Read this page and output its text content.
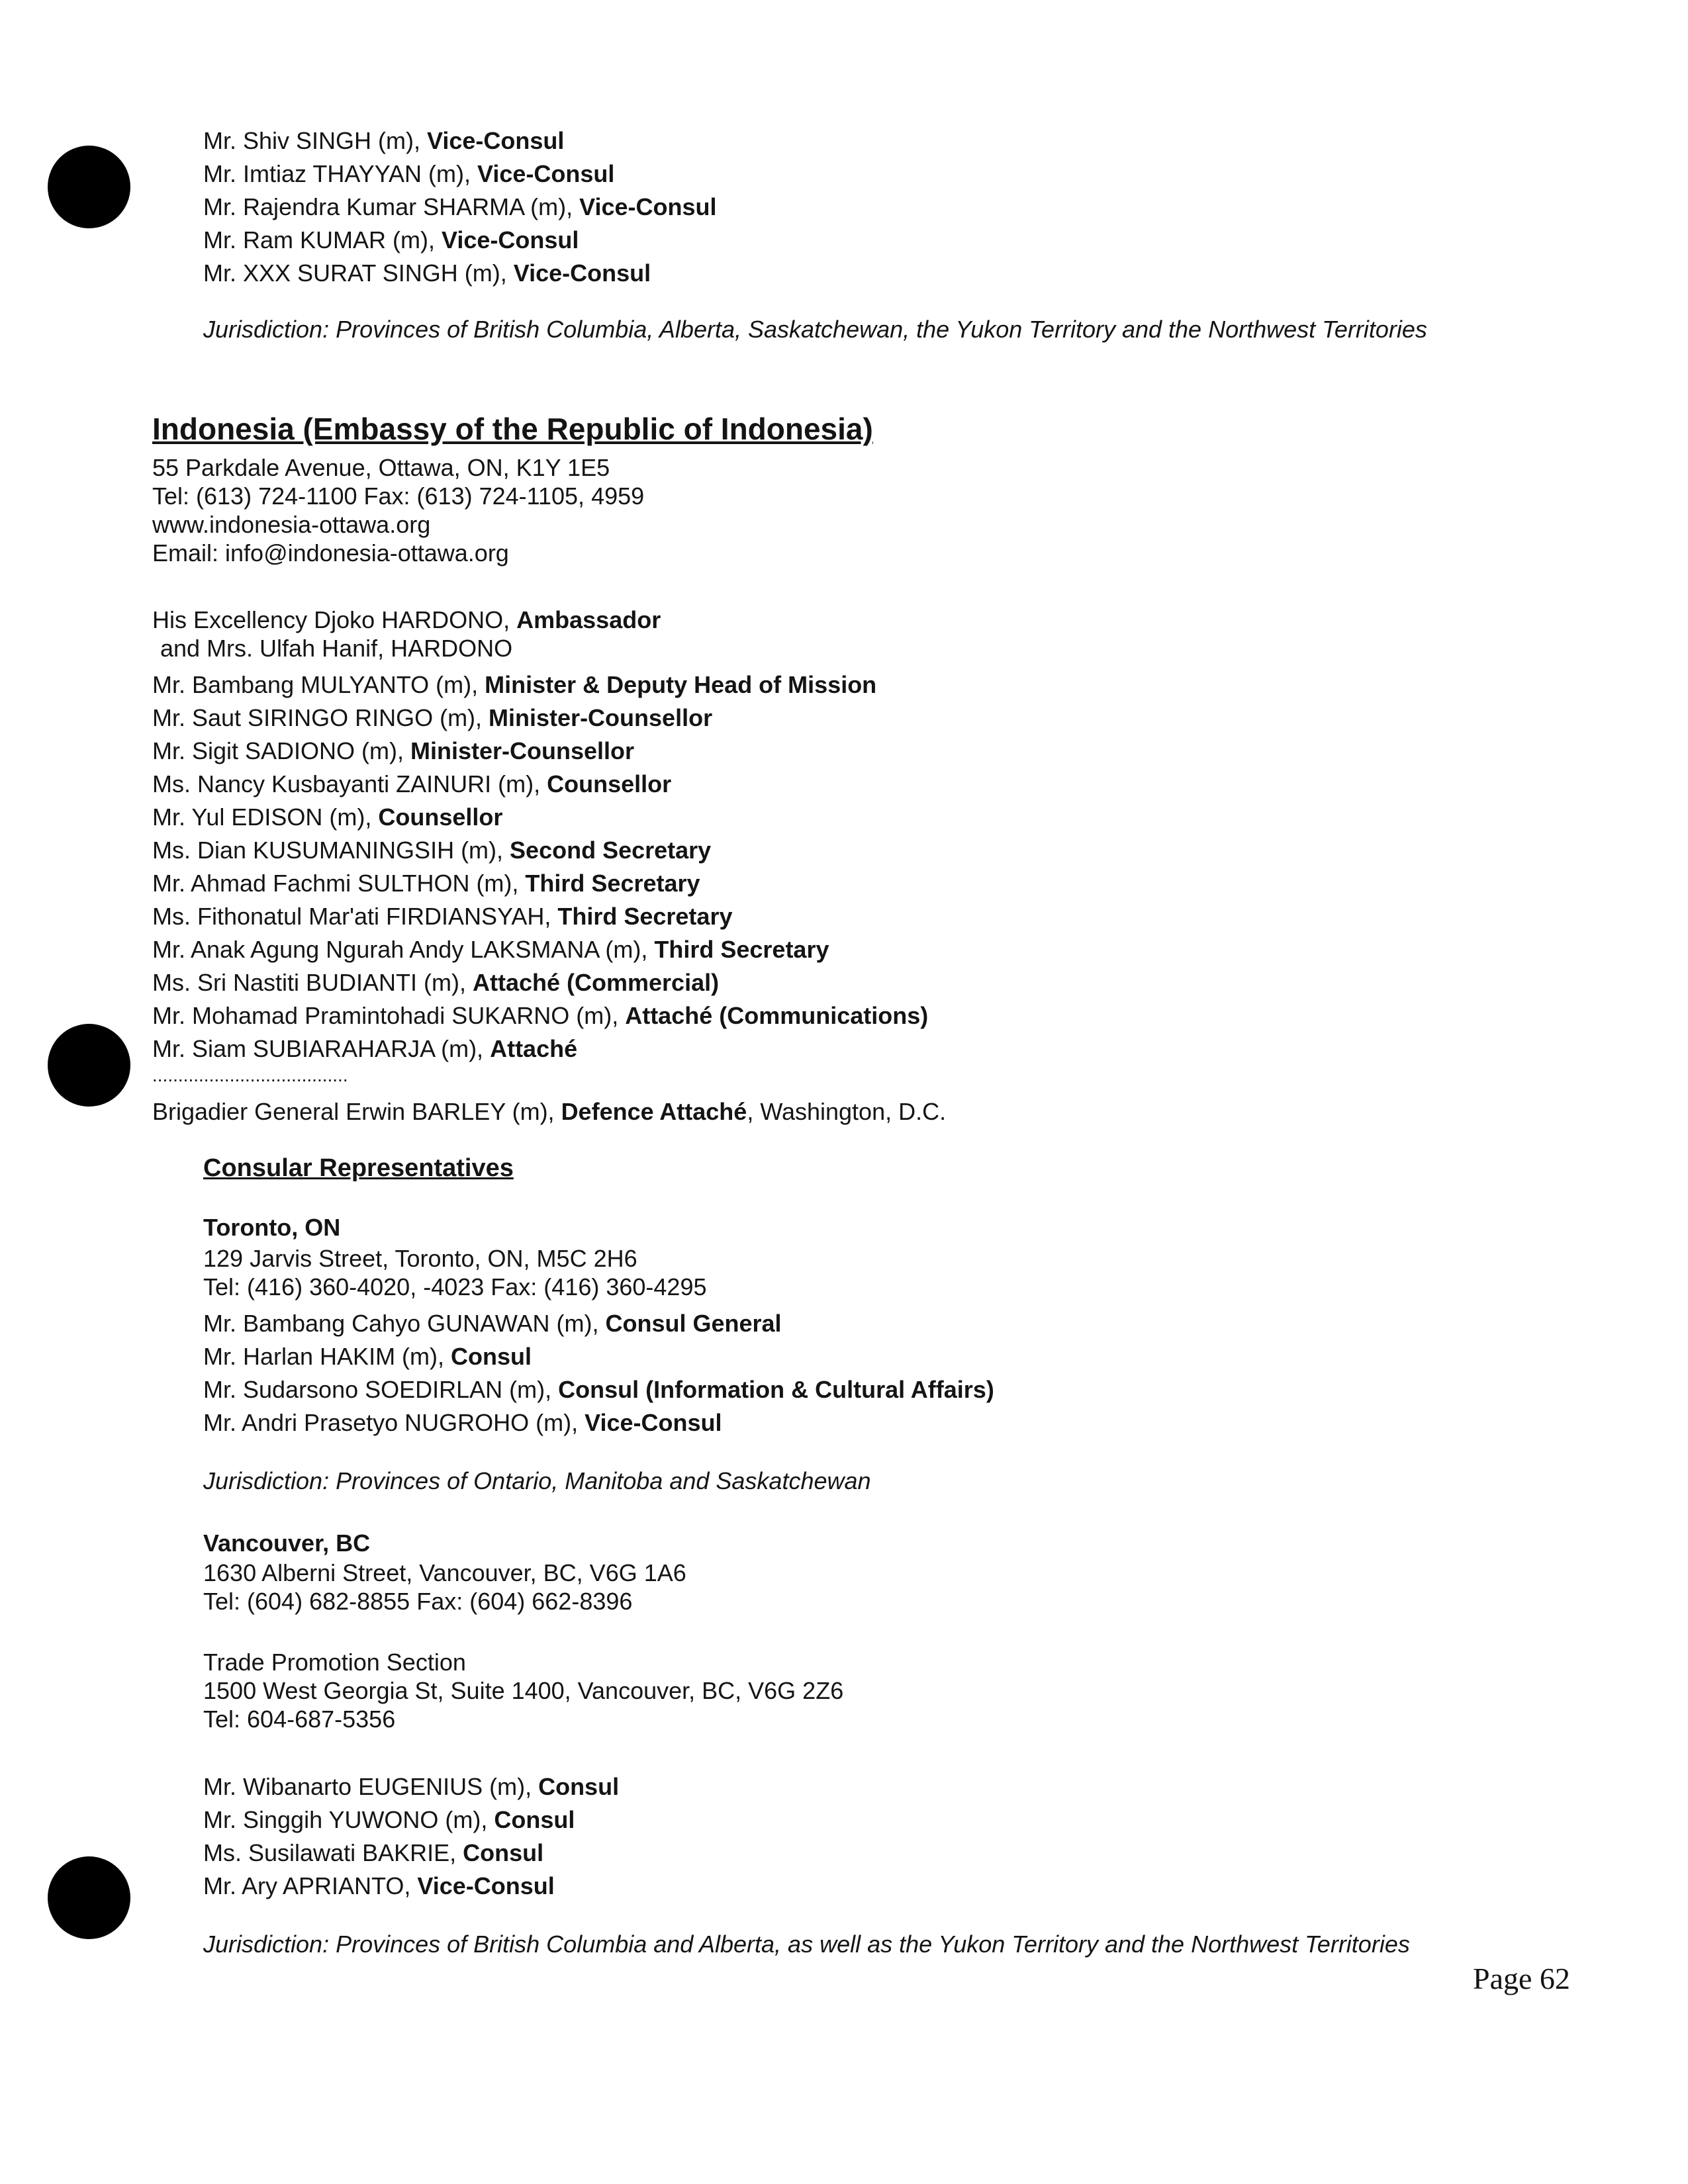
Mr. Shiv SINGH (m), Vice-Consul
Mr. Imtiaz THAYYAN (m), Vice-Consul
Mr. Rajendra Kumar SHARMA (m), Vice-Consul
Mr. Ram KUMAR (m), Vice-Consul
Mr. XXX SURAT SINGH (m), Vice-Consul
Jurisdiction: Provinces of British Columbia, Alberta, Saskatchewan, the Yukon Territory and the Northwest Territories
Indonesia (Embassy of the Republic of Indonesia)
55 Parkdale Avenue, Ottawa, ON, K1Y 1E5
Tel: (613) 724-1100 Fax: (613) 724-1105, 4959
www.indonesia-ottawa.org
Email: info@indonesia-ottawa.org
His Excellency Djoko HARDONO, Ambassador
and Mrs. Ulfah Hanif, HARDONO
Mr. Bambang MULYANTO (m), Minister & Deputy Head of Mission
Mr. Saut SIRINGO RINGO (m), Minister-Counsellor
Mr. Sigit SADIONO (m), Minister-Counsellor
Ms. Nancy Kusbayanti ZAINURI (m), Counsellor
Mr. Yul EDISON (m), Counsellor
Ms. Dian KUSUMANINGSIH (m), Second Secretary
Mr. Ahmad Fachmi SULTHON (m), Third Secretary
Ms. Fithonatul Mar'ati FIRDIANSYAH, Third Secretary
Mr. Anak Agung Ngurah Andy LAKSMANA (m), Third Secretary
Ms. Sri Nastiti BUDIANTI (m), Attaché (Commercial)
Mr. Mohamad Pramintohadi SUKARNO (m), Attaché (Communications)
Mr. Siam SUBIARAHARJA (m), Attaché
......................................
Brigadier General Erwin BARLEY (m), Defence Attaché, Washington, D.C.
Consular Representatives
Toronto, ON
129 Jarvis Street, Toronto, ON, M5C 2H6
Tel: (416) 360-4020, -4023 Fax: (416) 360-4295
Mr. Bambang Cahyo GUNAWAN (m), Consul General
Mr. Harlan HAKIM (m), Consul
Mr. Sudarsono SOEDIRLAN (m), Consul (Information & Cultural Affairs)
Mr. Andri Prasetyo NUGROHO (m), Vice-Consul
Jurisdiction: Provinces of Ontario, Manitoba and Saskatchewan
Vancouver, BC
1630 Alberni Street, Vancouver, BC, V6G 1A6
Tel: (604) 682-8855 Fax: (604) 662-8396
Trade Promotion Section
1500 West Georgia St, Suite 1400, Vancouver, BC, V6G 2Z6
Tel: 604-687-5356
Mr. Wibanarto EUGENIUS (m), Consul
Mr. Singgih YUWONO (m), Consul
Ms. Susilawati BAKRIE, Consul
Mr. Ary APRIANTO, Vice-Consul
Jurisdiction: Provinces of British Columbia and Alberta, as well as the Yukon Territory and the Northwest Territories
Page 62
